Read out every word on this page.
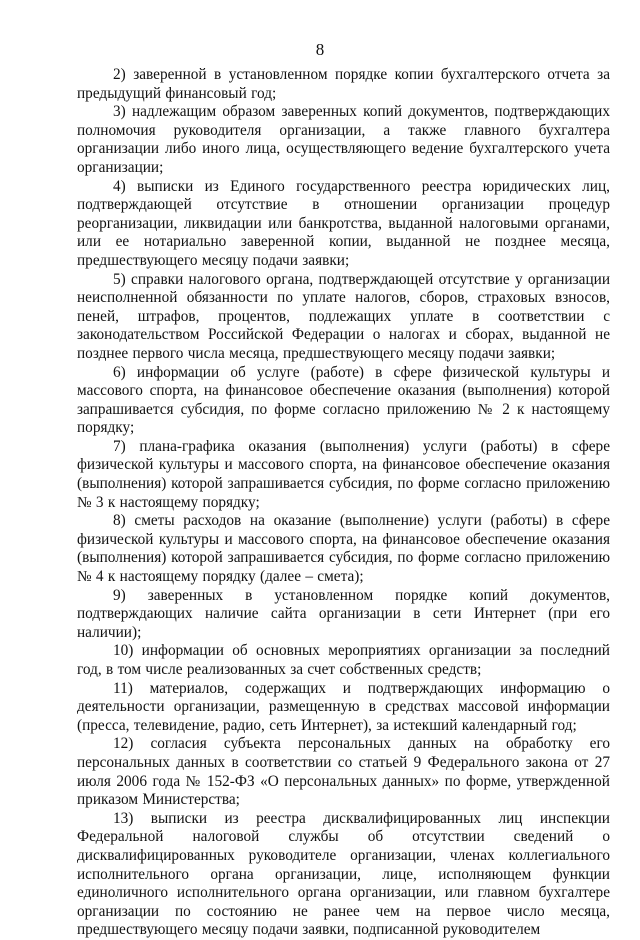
8

2) заверенной в установленном порядке копии бухгалтерского отчета за предыдущий финансовый год;

3) надлежащим образом заверенных копий документов, подтверждающих полномочия руководителя организации, а также главного бухгалтера организации либо иного лица, осуществляющего ведение бухгалтерского учета организации;

4) выписки из Единого государственного реестра юридических лиц, подтверждающей отсутствие в отношении организации процедур реорганизации, ликвидации или банкротства, выданной налоговыми органами, или ее нотариально заверенной копии, выданной не позднее месяца, предшествующего месяцу подачи заявки;

5) справки налогового органа, подтверждающей отсутствие у организации неисполненной обязанности по уплате налогов, сборов, страховых взносов, пеней, штрафов, процентов, подлежащих уплате в соответствии с законодательством Российской Федерации о налогах и сборах, выданной не позднее первого числа месяца, предшествующего месяцу подачи заявки;

6) информации об услуге (работе) в сфере физической культуры и массового спорта, на финансовое обеспечение оказания (выполнения) которой запрашивается субсидия, по форме согласно приложению № 2 к настоящему порядку;

7) плана-графика оказания (выполнения) услуги (работы) в сфере физической культуры и массового спорта, на финансовое обеспечение оказания (выполнения) которой запрашивается субсидия, по форме согласно приложению № 3 к настоящему порядку;

8) сметы расходов на оказание (выполнение) услуги (работы) в сфере физической культуры и массового спорта, на финансовое обеспечение оказания (выполнения) которой запрашивается субсидия, по форме согласно приложению № 4 к настоящему порядку (далее – смета);

9) заверенных в установленном порядке копий документов, подтверждающих наличие сайта организации в сети Интернет (при его наличии);

10) информации об основных мероприятиях организации за последний год, в том числе реализованных за счет собственных средств;

11) материалов, содержащих и подтверждающих информацию о деятельности организации, размещенную в средствах массовой информации (пресса, телевидение, радио, сеть Интернет), за истекший календарный год;

12) согласия субъекта персональных данных на обработку его персональных данных в соответствии со статьей 9 Федерального закона от 27 июля 2006 года № 152-ФЗ «О персональных данных» по форме, утвержденной приказом Министерства;

13) выписки из реестра дисквалифицированных лиц инспекции Федеральной налоговой службы об отсутствии сведений о дисквалифицированных руководителе организации, членах коллегиального исполнительного органа организации, лице, исполняющем функции единоличного исполнительного органа организации, или главном бухгалтере организации по состоянию не ранее чем на первое число месяца, предшествующего месяцу подачи заявки, подписанной руководителем
